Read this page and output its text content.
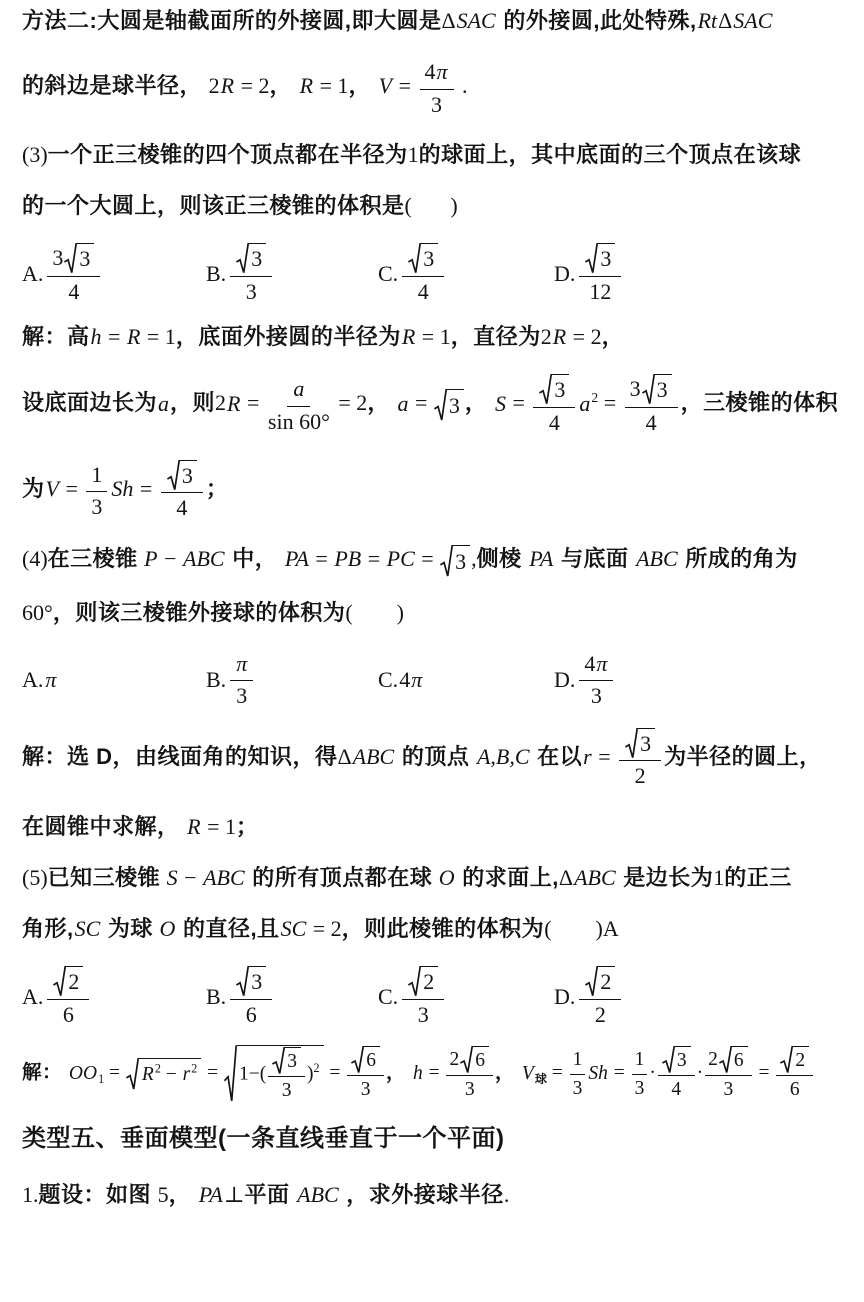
方法二:大圆是轴截面所的外接圆,即大圆是ΔSAC 的外接圆,此处特殊,RtΔSAC
的斜边是球半径， 2R = 2， R = 1， $V = \frac{4 \pi}{3}$ .
(3)一个正三棱锥的四个顶点都在半径为1的球面上，其中底面的三个顶点在该球
的一个大圆上，则该正三棱锥的体积是(       )
A. $\frac{3 3}{4}$	B. $\frac{3}{3}$	C. $\frac{3}{4}$	D. $\frac{3}{12}$
解：高h = R = 1，底面外接圆的半径为R = 1，直径为2R = 2，
设底面边长为a，则$2R = \frac{a}{\sin 60^\circ} = 2$， a =
3 ， $S = \frac{3}{4} a^2 = \frac{3 3}{4}$ ，三棱锥的体积
为$V = \frac{1}{3}$ $Sh = \frac{3}{4}$ ；
(4)在三棱锥 P − ABC 中， PA = PB = PC =
3 ,侧棱 PA 与底面 ABC 所成的角为
60°，则该三棱锥外接球的体积为(        )
A. π	B. $\frac{\pi}{3}$	C. 4 π	D. $\frac{4 \pi}{3}$
解：选 D，由线面角的知识，得ΔABC 的顶点 A,B,C 在以$r = \frac{3}{2}$ 为半径的圆上，
在圆锥中求解， R = 1；
(5)已知三棱锥 S − ABC 的所有顶点都在球 O 的求面上,ΔABC 是边长为1的正三
角形,SC 为球 O 的直径,且SC = 2，则此棱锥的体积为(        )A
A. $\frac{2}{6}$	B. $\frac{3}{6}$	C. $\frac{2}{3}$	D. $\frac{2}{2}$
解： $OO_1$ =
$R^2 - r^2$ =
$1-( \frac{3}{3} )^2 = \frac{6}{3}$ ， $h = \frac{2 6}{3}$ ， $V_球 = \frac{1}{3}$ $Sh = \frac{1}{3} \cdot \frac{3}{4} \cdot \frac{2 6}{3} = \frac{2}{6}$
类型五、垂面模型(一条直线垂直于一个平面)
1.题设：如图 5， PA⊥平面 ABC ，求外接球半径.
